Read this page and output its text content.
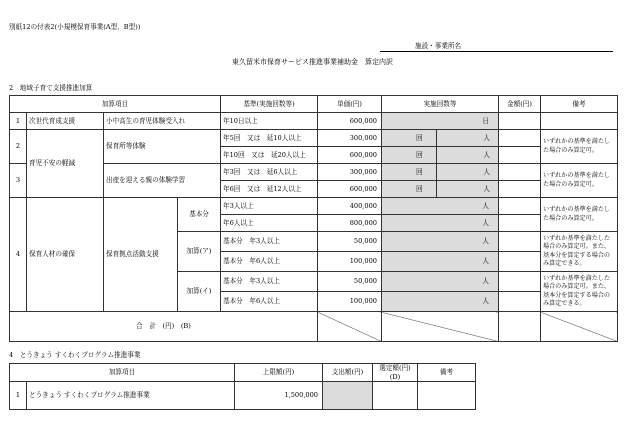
別紙12の付表2(小規模保育事業(A型、B型))
施設・事業所名
東久留米市保育サービス推進事業補助金　算定内訳
2　地域子育て支援推進加算
加算項目				基準(実施回数等)	単価(円)	実施回数等		金額(円)	備考
1	次世代育成支援	小中高生の育児体験受入れ		年10日以上	600,000	日			
2	育児不安の軽減	保育所等体験		年5回　又は　延10人以上	300,000	回	人		いずれかの基準を満たした場合のみ算定可。
				年10回　又は　延20人以上	600,000	回	人		

3		出産を迎える親の体験学習		年3回　又は　延6人以上	300,000	回	人		いずれかの基準を満たした場合のみ算定可。
				年6回　又は　延12人以上	600,000	回	人		

4	保育人材の確保	保育拠点活動支援	基本分	年3人以上	400,000	人			いずれかの基準を満たした場合のみ算定可。
				年6人以上	800,000	人			
			加算(ア)	基本分　年3人以上	50,000	人			いずれか基準を満たした場合のみ算定可。また、基本分を算定する場合のみ算定できる。
				基本分　年6人以上	100,000	人			
			加算(イ)	基本分　年3人以上	50,000	人			いずれか基準を満たした場合のみ算定可。また、基本分を算定する場合のみ算定できる。
				基本分　年6人以上	100,000	人			
合　計　(円)　(B)									
4　とうきょう すくわくプログラム推進事業
加算項目		上限額(円)	支出額(円)	選定額(円)(D)	備考
1	とうきょう すくわくプログラム推進事業	1,500,000			
